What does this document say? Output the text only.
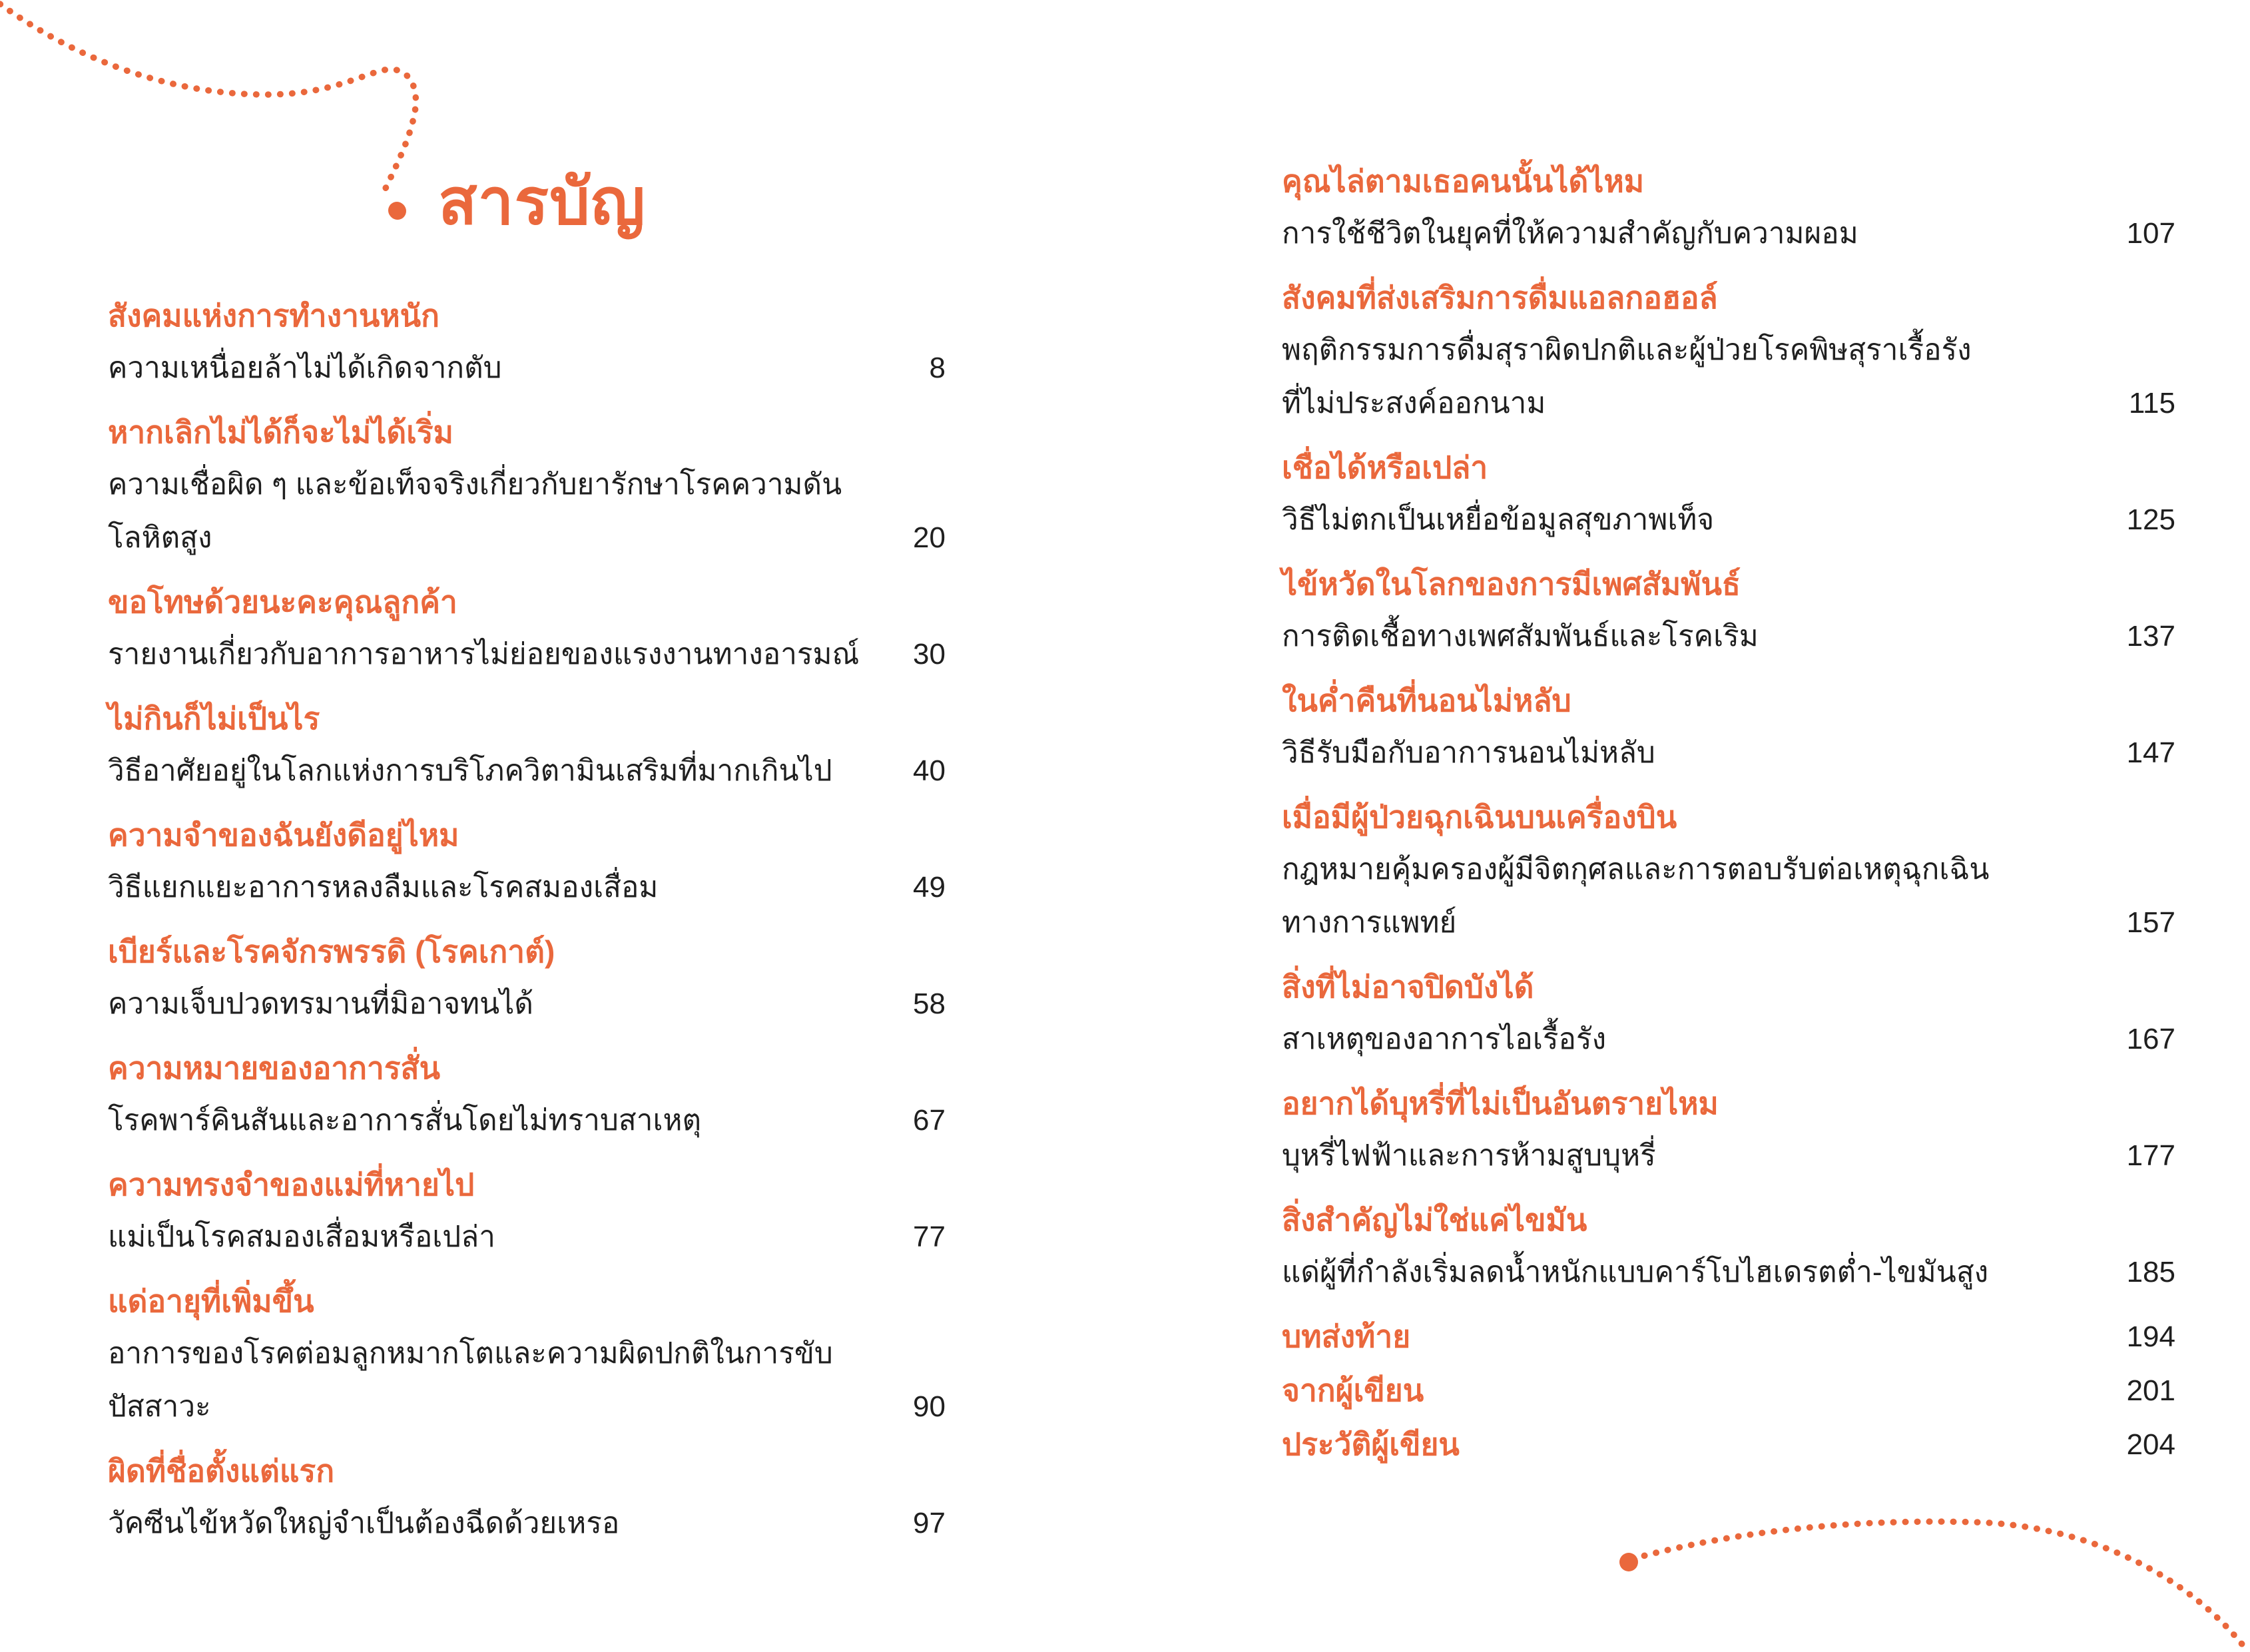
สารบัญ
สังคมแห่งการทำงานหนัก
ความเหนื่อยล้าไม่ได้เกิดจากตับ	8
หากเลิกไม่ได้ก็จะไม่ได้เริ่ม
ความเชื่อผิด ๆ และข้อเท็จจริงเกี่ยวกับยารักษาโรคความดันโลหิตสูง	20
ขอโทษด้วยนะคะคุณลูกค้า
รายงานเกี่ยวกับอาการอาหารไม่ย่อยของแรงงานทางอารมณ์ 30
ไม่กินก็ไม่เป็นไร
วิธีอาศัยอยู่ในโลกแห่งการบริโภควิตามินเสริมที่มากเกินไป	40
ความจำของฉันยังดีอยู่ไหม
วิธีแยกแยะอาการหลงลืมและโรคสมองเสื่อม	49
เบียร์และโรคจักรพรรดิ (โรคเกาต์)
ความเจ็บปวดทรมานที่มิอาจทนได้	58
ความหมายของอาการสั่น
โรคพาร์คินสันและอาการสั่นโดยไม่ทราบสาเหตุ	67
ความทรงจำของแม่ที่หายไป
แม่เป็นโรคสมองเสื่อมหรือเปล่า	77
แด่อายุที่เพิ่มขึ้น
อาการของโรคต่อมลูกหมากโตและความผิดปกติในการขับปัสสาวะ	90
ผิดที่ชื่อตั้งแต่แรก
วัคซีนไข้หวัดใหญ่จำเป็นต้องฉีดด้วยเหรอ	97
คุณไล่ตามเธอคนนั้นได้ไหม
การใช้ชีวิตในยุคที่ให้ความสำคัญกับความผอม	107
สังคมที่ส่งเสริมการดื่มแอลกอฮอล์
พฤติกรรมการดื่มสุราผิดปกติและผู้ป่วยโรคพิษสุราเรื้อรัง
ที่ไม่ประสงค์ออกนาม	115
เชื่อได้หรือเปล่า
วิธีไม่ตกเป็นเหยื่อข้อมูลสุขภาพเท็จ	125
ไข้หวัดในโลกของการมีเพศสัมพันธ์
การติดเชื้อทางเพศสัมพันธ์และโรคเริม	137
ในค่ำคืนที่นอนไม่หลับ
วิธีรับมือกับอาการนอนไม่หลับ	147
เมื่อมีผู้ป่วยฉุกเฉินบนเครื่องบิน
กฎหมายคุ้มครองผู้มีจิตกุศลและการตอบรับต่อเหตุฉุกเฉิน
ทางการแพทย์	157
สิ่งที่ไม่อาจปิดบังได้
สาเหตุของอาการไอเรื้อรัง	167
อยากได้บุหรี่ที่ไม่เป็นอันตรายไหม
บุหรี่ไฟฟ้าและการห้ามสูบบุหรี่	177
สิ่งสำคัญไม่ใช่แค่ไขมัน
แด่ผู้ที่กำลังเริ่มลดน้ำหนักแบบคาร์โบไฮเดรตต่ำ-ไขมันสูง	185
บทส่งท้าย	194
จากผู้เขียน	201
ประวัติผู้เขียน	204
